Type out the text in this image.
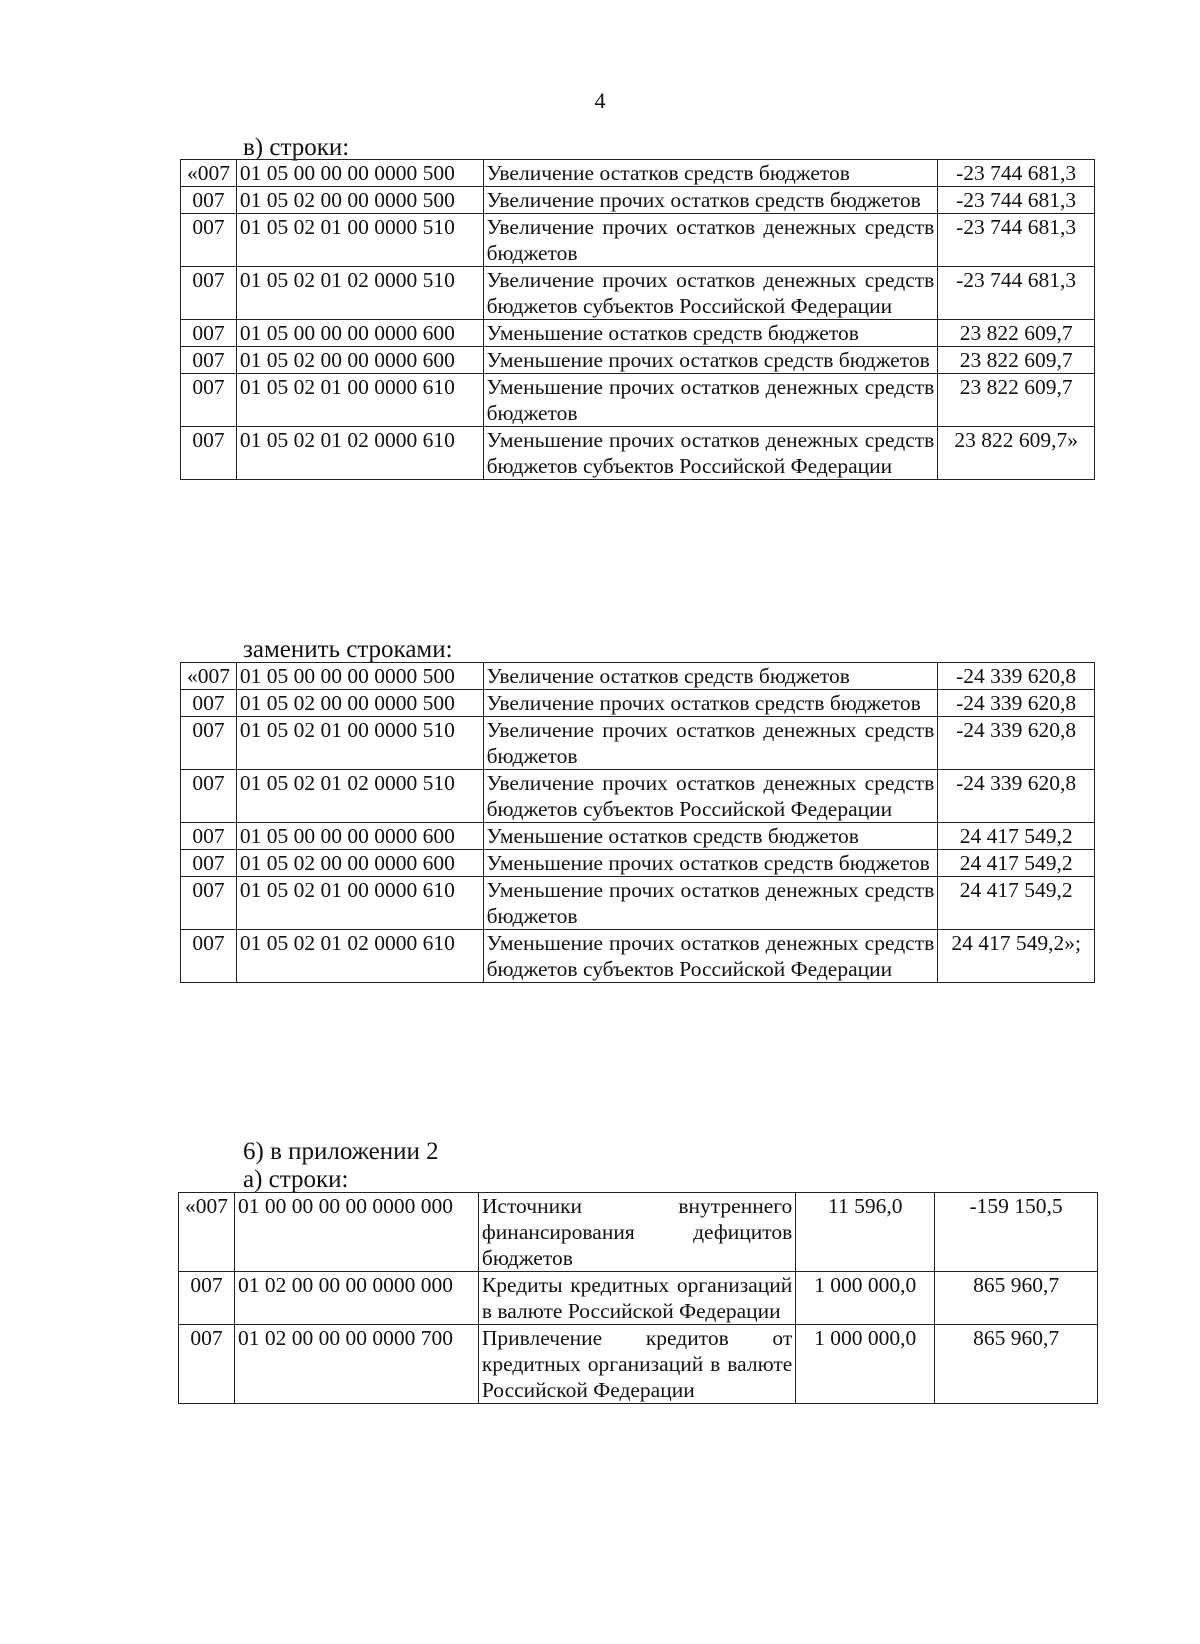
4
в) строки:
«007	01 05 00 00 00 0000 500	Увеличение остатков средств бюджетов	-23 744 681,3
007	01 05 02 00 00 0000 500	Увеличение прочих остатков средств бюджетов	-23 744 681,3
007	01 05 02 01 00 0000 510	Увеличение прочих остатков денежных средств бюджетов	-23 744 681,3
007	01 05 02 01 02 0000 510	Увеличение прочих остатков денежных средств бюджетов субъектов Российской Федерации	-23 744 681,3
007	01 05 00 00 00 0000 600	Уменьшение остатков средств бюджетов	23 822 609,7
007	01 05 02 00 00 0000 600	Уменьшение прочих остатков средств бюджетов	23 822 609,7
007	01 05 02 01 00 0000 610	Уменьшение прочих остатков денежных средств бюджетов	23 822 609,7
007	01 05 02 01 02 0000 610	Уменьшение прочих остатков денежных средств бюджетов субъектов Российской Федерации	23 822 609,7»
заменить строками:
«007	01 05 00 00 00 0000 500	Увеличение остатков средств бюджетов	-24 339 620,8
007	01 05 02 00 00 0000 500	Увеличение прочих остатков средств бюджетов	-24 339 620,8
007	01 05 02 01 00 0000 510	Увеличение прочих остатков денежных средств бюджетов	-24 339 620,8
007	01 05 02 01 02 0000 510	Увеличение прочих остатков денежных средств бюджетов субъектов Российской Федерации	-24 339 620,8
007	01 05 00 00 00 0000 600	Уменьшение остатков средств бюджетов	24 417 549,2
007	01 05 02 00 00 0000 600	Уменьшение прочих остатков средств бюджетов	24 417 549,2
007	01 05 02 01 00 0000 610	Уменьшение прочих остатков денежных средств бюджетов	24 417 549,2
007	01 05 02 01 02 0000 610	Уменьшение прочих остатков денежных средств бюджетов субъектов Российской Федерации	24 417 549,2»;
6) в приложении 2
а) строки:
«007	01 00 00 00 00 0000 000	Источники внутреннего финансирования дефицитов бюджетов	11 596,0	-159 150,5
007	01 02 00 00 00 0000 000	Кредиты кредитных организаций в валюте Российской Федерации	1 000 000,0	865 960,7
007	01 02 00 00 00 0000 700	Привлечение кредитов от кредитных организаций в валюте Российской Федерации	1 000 000,0	865 960,7
